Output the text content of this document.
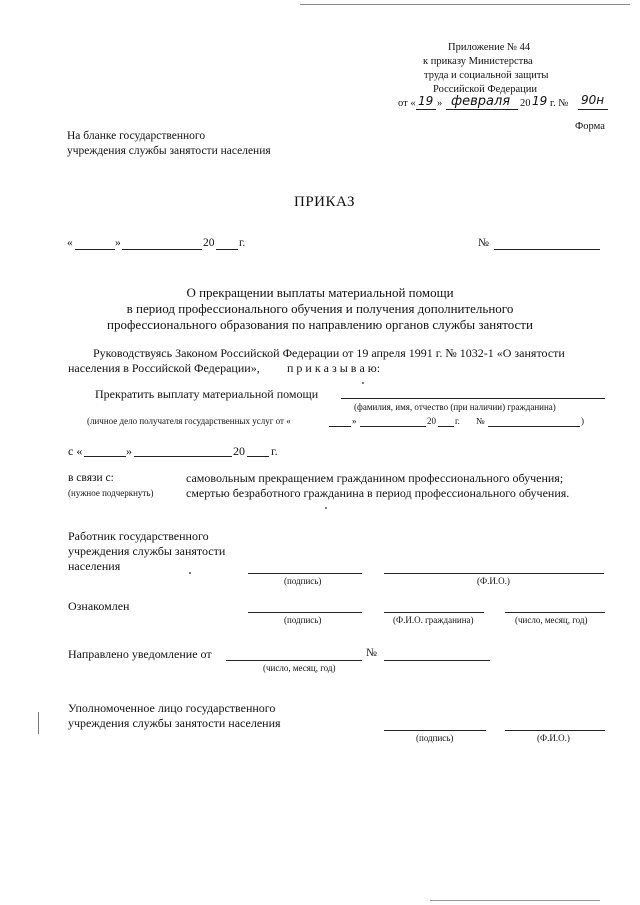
Приложение № 44
к приказу Министерства
труда и социальной защиты
Российской Федерации
от « 19 » февраля 20 19 г. № 90н
Форма
На бланке государственного
учреждения службы занятости населения
ПРИКАЗ
«	»	20 г.	№
О прекращении выплаты материальной помощи
в период профессионального обучения и получения дополнительного
профессионального образования по направлению органов службы занятости
Руководствуясь Законом Российской Федерации от 19 апреля 1991 г. № 1032-1 «О занятости
населения в Российской Федерации», п р и к а з ы в а ю:
Прекратить выплату материальной помощи
(фамилия, имя, отчество (при наличии) гражданина)
(личное дело получателя государственных услуг от «	»	20 г. №	)
с «	»	20 г.
в связи с:
(нужное подчеркнуть)
самовольным прекращением гражданином профессионального обучения;
смертью безработного гражданина в период профессионального обучения.
Работник государственного
учреждения службы занятости
населения
(подпись)	(Ф.И.О.)
Ознакомлен
(подпись)	(Ф.И.О. гражданина)	(число, месяц, год)
Направлено уведомление от
(число, месяц, год)
№
Уполномоченное лицо государственного
учреждения службы занятости населения
(подпись)	(Ф.И.О.)
